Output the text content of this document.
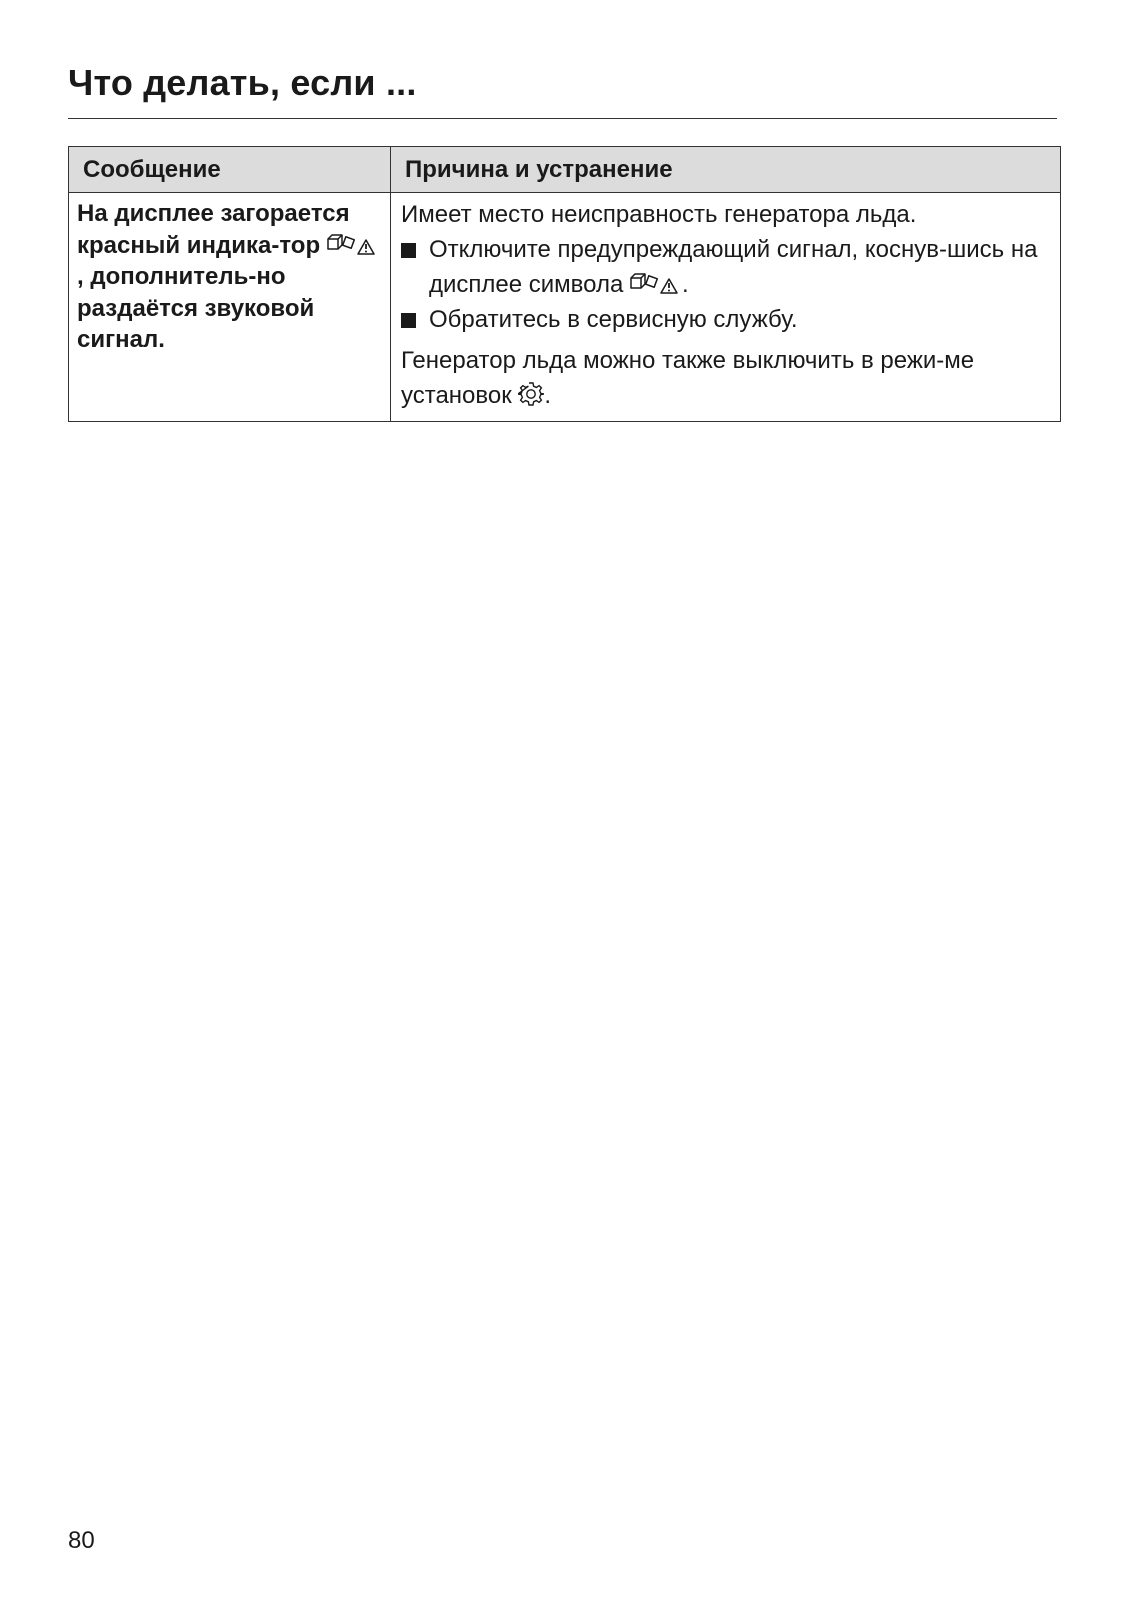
Что делать, если ...
Сообщение	Причина и устранение
На дисплее загорается красный индика-тор , дополнитель-но раздаётся звуковой сигнал.	Имеет место неисправность генератора льда.

Отключите предупреждающий сигнал, коснув-шись на дисплее символа .

Обратитесь в сервисную службу.

Генератор льда можно также выключить в режи-ме установок .

80
